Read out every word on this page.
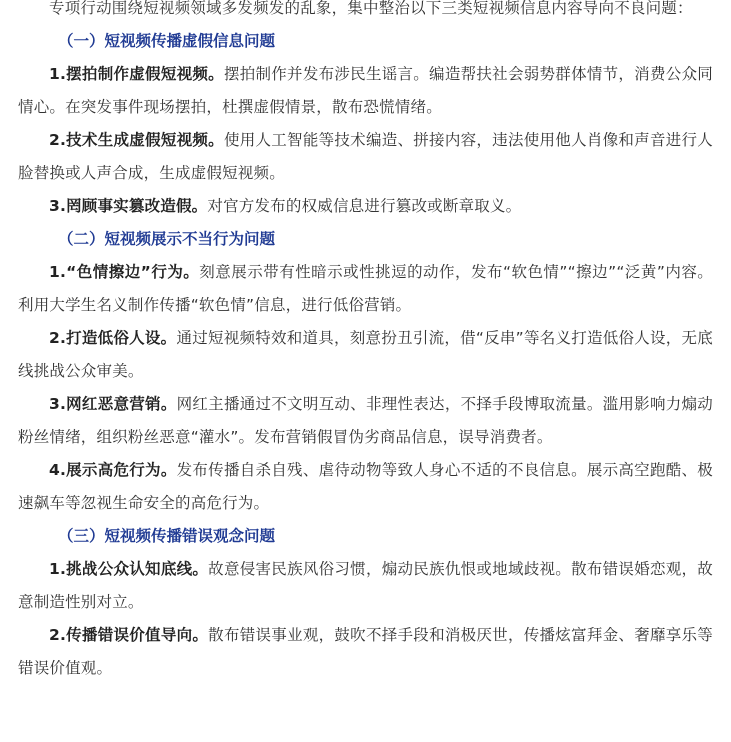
专项行动围绕短视频领域多发频发的乱象，集中整治以下三类短视频信息内容导向不良问题：

（一）短视频传播虚假信息问题

1.摆拍制作虚假短视频。摆拍制作并发布涉民生谣言。编造帮扶社会弱势群体情节，消费公众同情心。在突发事件现场摆拍，杜撰虚假情景，散布恐慌情绪。

2.技术生成虚假短视频。使用人工智能等技术编造、拼接内容，违法使用他人肖像和声音进行人脸替换或人声合成，生成虚假短视频。

3.罔顾事实篡改造假。对官方发布的权威信息进行篡改或断章取义。

（二）短视频展示不当行为问题

1.“色情擦边”行为。刻意展示带有性暗示或性挑逗的动作，发布“软色情”“擦边”“泛黄”内容。利用大学生名义制作传播“软色情”信息，进行低俗营销。

2.打造低俗人设。通过短视频特效和道具，刻意扮丑引流，借“反串”等名义打造低俗人设，无底线挑战公众审美。

3.网红恶意营销。网红主播通过不文明互动、非理性表达，不择手段博取流量。滥用影响力煽动粉丝情绪，组织粉丝恶意“灌水”。发布营销假冒伪劣商品信息，误导消费者。

4.展示高危行为。发布传播自杀自残、虐待动物等致人身心不适的不良信息。展示高空跑酷、极速飙车等忽视生命安全的高危行为。

（三）短视频传播错误观念问题

1.挑战公众认知底线。故意侵害民族风俗习惯，煽动民族仇恨或地域歧视。散布错误婚恋观，故意制造性别对立。

2.传播错误价值导向。散布错误事业观，鼓吹不择手段和消极厌世，传播炫富拜金、奢靡享乐等错误价值观。
